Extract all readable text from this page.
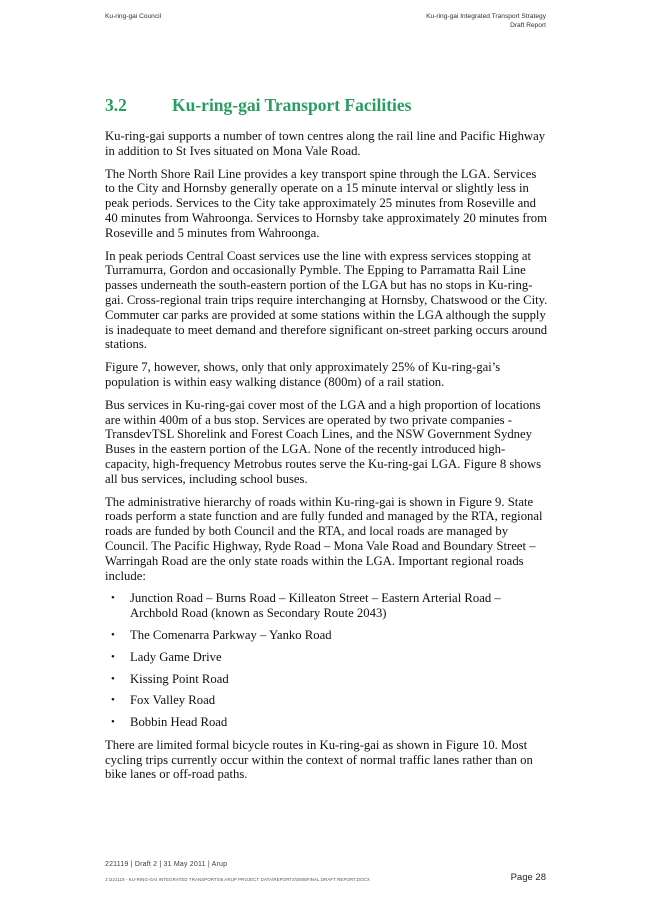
Ku-ring-gai Council	Ku-ring-gai Integrated Transport Strategy
Draft Report
3.2	Ku-ring-gai Transport Facilities

Ku-ring-gai supports a number of town centres along the rail line and Pacific Highway in addition to St Ives situated on Mona Vale Road.

The North Shore Rail Line provides a key transport spine through the LGA. Services to the City and Hornsby generally operate on a 15 minute interval or slightly less in peak periods. Services to the City take approximately 25 minutes from Roseville and 40 minutes from Wahroonga. Services to Hornsby take approximately 20 minutes from Roseville and 5 minutes from Wahroonga.

In peak periods Central Coast services use the line with express services stopping at Turramurra, Gordon and occasionally Pymble. The Epping to Parramatta Rail Line passes underneath the south-eastern portion of the LGA but has no stops in Ku-ring-gai. Cross-regional train trips require interchanging at Hornsby, Chatswood or the City. Commuter car parks are provided at some stations within the LGA although the supply is inadequate to meet demand and therefore significant on-street parking occurs around stations.

Figure 7, however, shows, only that only approximately 25% of Ku-ring-gai’s population is within easy walking distance (800m) of a rail station.

Bus services in Ku-ring-gai cover most of the LGA and a high proportion of locations are within 400m of a bus stop. Services are operated by two private companies - TransdevTSL Shorelink and Forest Coach Lines, and the NSW Government Sydney Buses in the eastern portion of the LGA. None of the recently introduced high-capacity, high-frequency Metrobus routes serve the Ku-ring-gai LGA. Figure 8 shows all bus services, including school buses.

The administrative hierarchy of roads within Ku-ring-gai is shown in Figure 9. State roads perform a state function and are fully funded and managed by the RTA, regional roads are funded by both Council and the RTA, and local roads are managed by Council. The Pacific Highway, Ryde Road – Mona Vale Road and Boundary Street – Warringah Road are the only state roads within the LGA. Important regional roads include:

• Junction Road – Burns Road – Killeaton Street – Eastern Arterial Road – Archbold Road (known as Secondary Route 2043)
• The Comenarra Parkway – Yanko Road
• Lady Game Drive
• Kissing Point Road
• Fox Valley Road
• Bobbin Head Road

There are limited formal bicycle routes in Ku-ring-gai as shown in Figure 10. Most cycling trips currently occur within the context of normal traffic lanes rather than on bike lanes or off-road paths.

221119 | Draft 2 | 31 May 2011 | Arup
J:\221119 - KU-RING-GAI INTEGRATED TRANSPORT\05 ARUP PROJECT DATA\REPORTS\0008FINAL DRAFT REPORT.DOCX	Page 28
